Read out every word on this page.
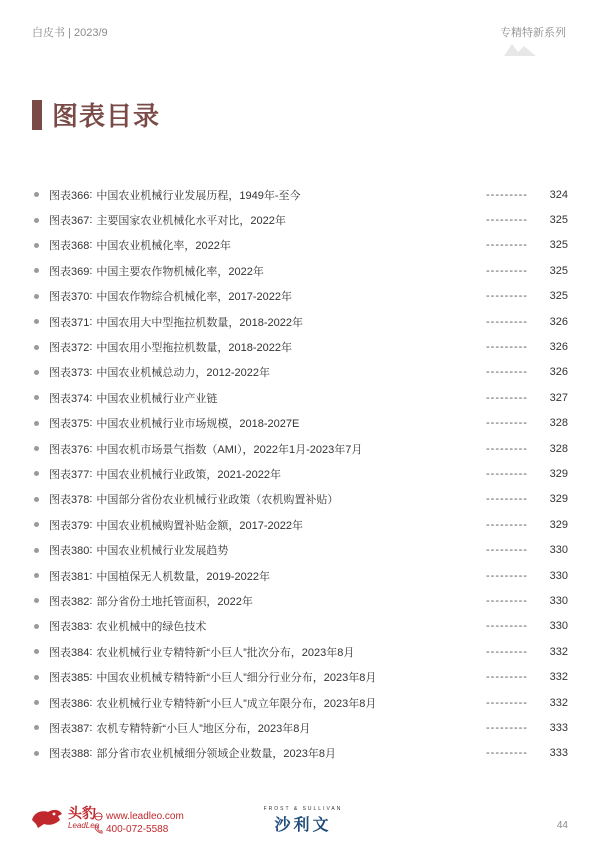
白皮书 | 2023/9	专精特新系列
图表目录
图表366 : 中国农业机械行业发展历程，1949年-至今	---------	324
图表367 : 主要国家农业机械化水平对比，2022年	---------	325
图表368 : 中国农业机械化率，2022年	---------	325
图表369 : 中国主要农作物机械化率，2022年	---------	325
图表370 : 中国农作物综合机械化率，2017-2022年	---------	325
图表371 : 中国农用大中型拖拉机数量，2018-2022年	---------	326
图表372 : 中国农用小型拖拉机数量，2018-2022年	---------	326
图表373 : 中国农业机械总动力，2012-2022年	---------	326
图表374 : 中国农业机械行业产业链	---------	327
图表375 : 中国农业机械行业市场规模，2018-2027E	---------	328
图表376 : 中国农机市场景气指数（AMI），2022年1月-2023年7月	---------	328
图表377 : 中国农业机械行业政策，2021-2022年	---------	329
图表378 : 中国部分省份农业机械行业政策（农机购置补贴）	---------	329
图表379 : 中国农业机械购置补贴金额，2017-2022年	---------	329
图表380 : 中国农业机械行业发展趋势	---------	330
图表381 : 中国植保无人机数量，2019-2022年	---------	330
图表382 : 部分省份土地托管面积，2022年	---------	330
图表383 : 农业机械中的绿色技术	---------	330
图表384 : 农业机械行业专精特新“小巨人”批次分布，2023年8月	---------	332
图表385 : 中国农业机械专精特新“小巨人”细分行业分布，2023年8月	---------	332
图表386 : 农业机械行业专精特新“小巨人”成立年限分布，2023年8月	---------	332
图表387 : 农机专精特新“小巨人”地区分布，2023年8月	---------	333
图表388 : 部分省市农业机械细分领域企业数量，2023年8月	---------	333
头豹
LeadLeo
www.leadleo.com
400-072-5588
FROST & SULLIVAN
沙利文	44
